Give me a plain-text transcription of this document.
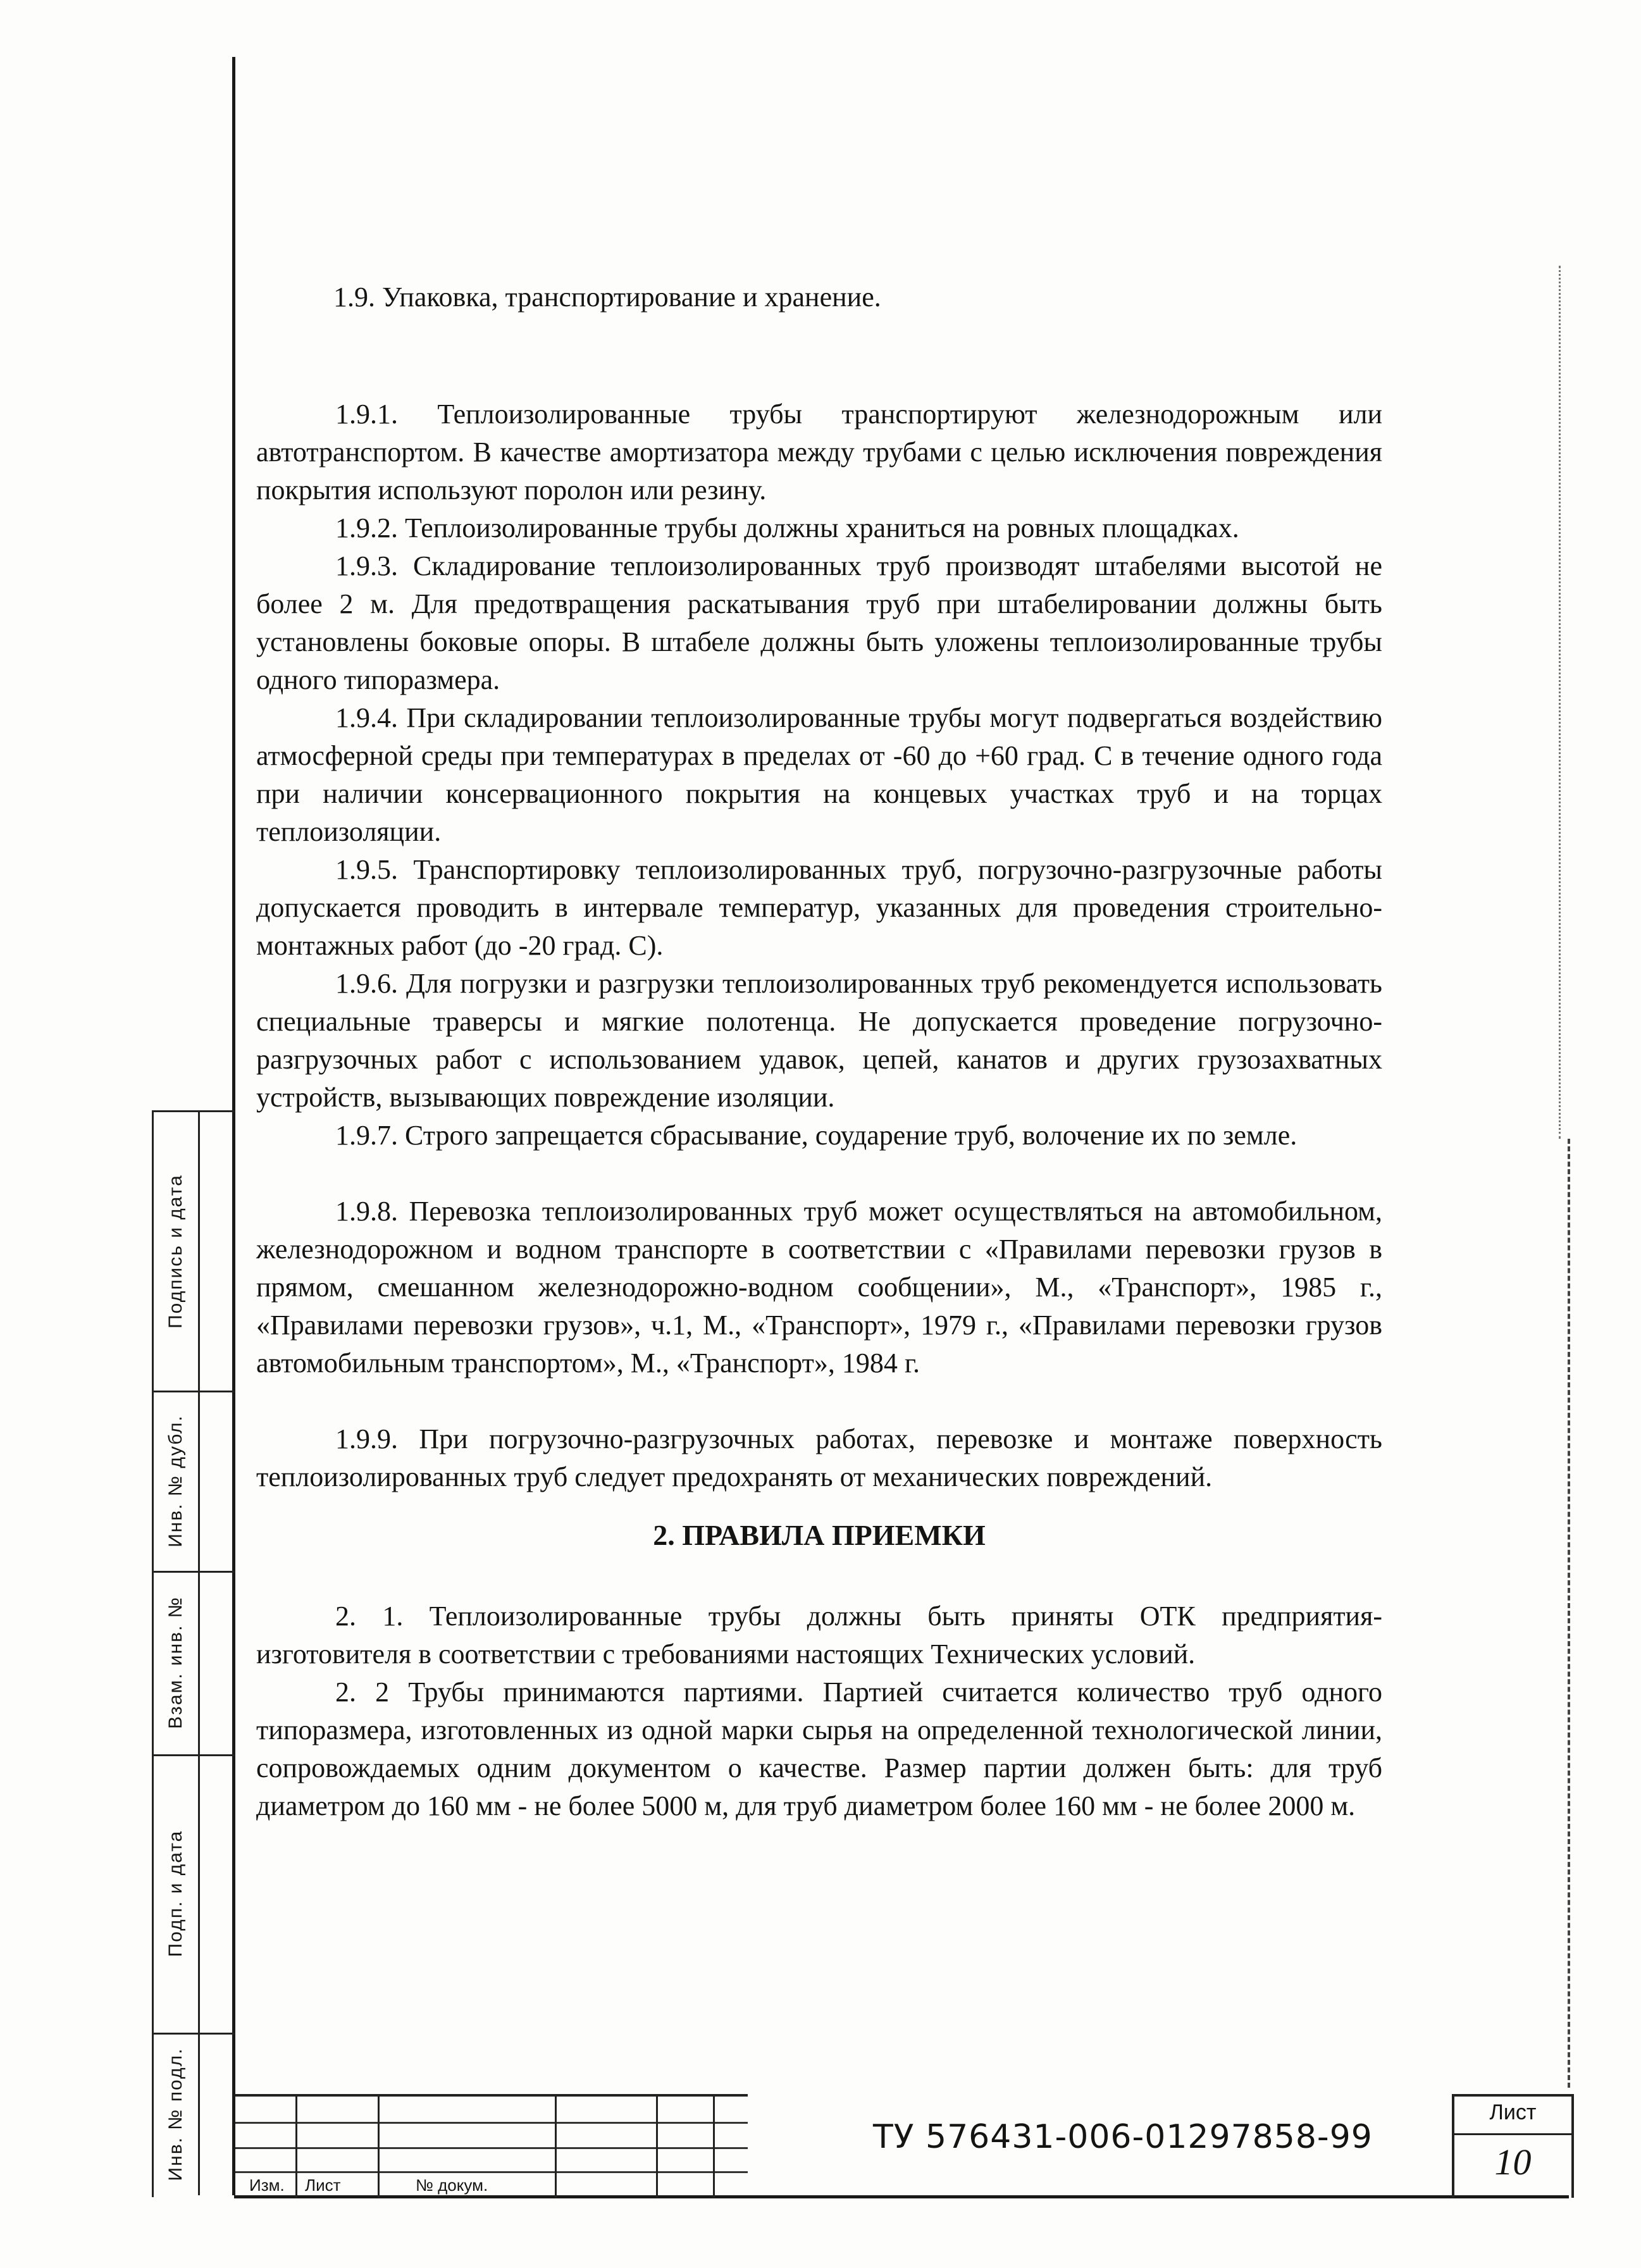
1.9. Упаковка, транспортирование и хранение.
1.9.1. Теплоизолированные трубы транспортируют железнодорожным или автотранспортом. В качестве амортизатора между трубами с целью исключения повреждения покрытия используют поролон или резину.
1.9.2. Теплоизолированные трубы должны храниться на ровных площадках.
1.9.3. Складирование теплоизолированных труб производят штабелями высотой не более 2 м. Для предотвращения раскатывания труб при штабелировании должны быть установлены боковые опоры. В штабеле должны быть уложены теплоизолированные трубы одного типоразмера.
1.9.4. При складировании теплоизолированные трубы могут подвергаться воздействию атмосферной среды при температурах в пределах от -60 до +60 град. С в течение одного года при наличии консервационного покрытия на концевых участках труб и на торцах теплоизоляции.
1.9.5. Транспортировку теплоизолированных труб, погрузочно-разгрузочные работы допускается проводить в интервале температур, указанных для проведения строительно-монтажных работ (до -20 град. С).
1.9.6. Для погрузки и разгрузки теплоизолированных труб рекомендуется использовать специальные траверсы и мягкие полотенца. Не допускается проведение погрузочно-разгрузочных работ с использованием удавок, цепей, канатов и других грузозахватных устройств, вызывающих повреждение изоляции.
1.9.7. Строго запрещается сбрасывание, соударение труб, волочение их по земле.
1.9.8. Перевозка теплоизолированных труб может осуществляться на автомобильном, железнодорожном и водном транспорте в соответствии с «Правилами перевозки грузов в прямом, смешанном железнодорожно-водном сообщении», М., «Транспорт», 1985 г., «Правилами перевозки грузов», ч.1, М., «Транспорт», 1979 г., «Правилами перевозки грузов автомобильным транспортом», М., «Транспорт», 1984 г.
1.9.9. При погрузочно-разгрузочных работах, перевозке и монтаже поверхность теплоизолированных труб следует предохранять от механических повреждений.
2. ПРАВИЛА ПРИЕМКИ
2. 1. Теплоизолированные трубы должны быть приняты ОТК предприятия-изготовителя в соответствии с требованиями настоящих Технических условий.
2. 2 Трубы принимаются партиями. Партией считается количество труб одного типоразмера, изготовленных из одной марки сырья на определенной технологической линии, сопровождаемых одним документом о качестве. Размер партии должен быть: для труб диаметром до 160 мм - не более 5000 м, для труб диаметром более 160 мм - не более 2000 м.
Подпись и дата
Инв. № дубл.
Взам. инв. №
Подп. и дата
Инв. № подл.
Изм. Лист	№ докум.
ТУ 576431-006-01297858-99
Лист
10
